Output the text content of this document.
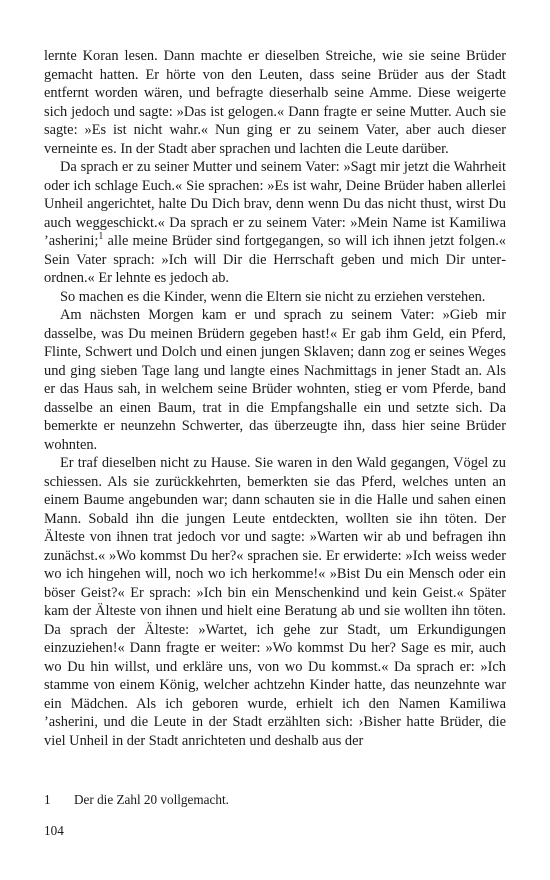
lernte Koran lesen. Dann machte er dieselben Streiche, wie sie seine Brüder gemacht hatten. Er hörte von den Leuten, dass seine Brüder aus der Stadt entfernt worden wären, und befragte dieserhalb seine Amme. Diese weigerte sich jedoch und sagte: »Das ist gelogen.« Dann fragte er seine Mutter. Auch sie sagte: »Es ist nicht wahr.« Nun ging er zu seinem Vater, aber auch dieser verneinte es. In der Stadt aber sprachen und lachten die Leute darüber.

Da sprach er zu seiner Mutter und seinem Vater: »Sagt mir jetzt die Wahrheit oder ich schlage Euch.« Sie sprachen: »Es ist wahr, Deine Brüder haben allerlei Unheil angerichtet, halte Du Dich brav, denn wenn Du das nicht thust, wirst Du auch weggeschickt.« Da sprach er zu seinem Vater: »Mein Name ist Kamiliwa ’asherini;$^1$ alle meine Brüder sind fortgegangen, so will ich ihnen jetzt folgen.« Sein Vater sprach: »Ich will Dir die Herrschaft geben und mich Dir unterordnen.« Er lehnte es jedoch ab.

So machen es die Kinder, wenn die Eltern sie nicht zu erziehen verstehen.

Am nächsten Morgen kam er und sprach zu seinem Vater: »Gieb mir dasselbe, was Du meinen Brüdern gegeben hast!« Er gab ihm Geld, ein Pferd, Flinte, Schwert und Dolch und einen jungen Sklaven; dann zog er seines Weges und ging sieben Tage lang und langte eines Nachmittags in jener Stadt an. Als er das Haus sah, in welchem seine Brüder wohnten, stieg er vom Pferde, band dasselbe an einen Baum, trat in die Empfangshalle ein und setzte sich. Da bemerkte er neunzehn Schwerter, das überzeugte ihn, dass hier seine Brüder wohnten.

Er traf dieselben nicht zu Hause. Sie waren in den Wald gegangen, Vögel zu schiessen. Als sie zurückkehrten, bemerkten sie das Pferd, welches unten an einem Baume angebunden war; dann schauten sie in die Halle und sahen einen Mann. Sobald ihn die jungen Leute entdeckten, wollten sie ihn töten. Der Älteste von ihnen trat jedoch vor und sagte: »Warten wir ab und befragen ihn zunächst.« »Wo kommst Du her?« sprachen sie. Er erwiderte: »Ich weiss weder wo ich hingehen will, noch wo ich herkomme!« »Bist Du ein Mensch oder ein böser Geist?« Er sprach: »Ich bin ein Menschenkind und kein Geist.« Später kam der Älteste von ihnen und hielt eine Beratung ab und sie wollten ihn töten. Da sprach der Älteste: »Wartet, ich gehe zur Stadt, um Erkundigungen einzuziehen!« Dann fragte er weiter: »Wo kommst Du her? Sage es mir, auch wo Du hin willst, und erkläre uns, von wo Du kommst.« Da sprach er: »Ich stamme von einem König, welcher achtzehn Kinder hatte, das neunzehnte war ein Mädchen. Als ich geboren wurde, erhielt ich den Namen Kamiliwa ’asherini, und die Leute in der Stadt erzählten sich: ›Bisher hatte Brüder, die viel Unheil in der Stadt anrichteten und deshalb aus der

1 Der die Zahl 20 vollgemacht.
104
